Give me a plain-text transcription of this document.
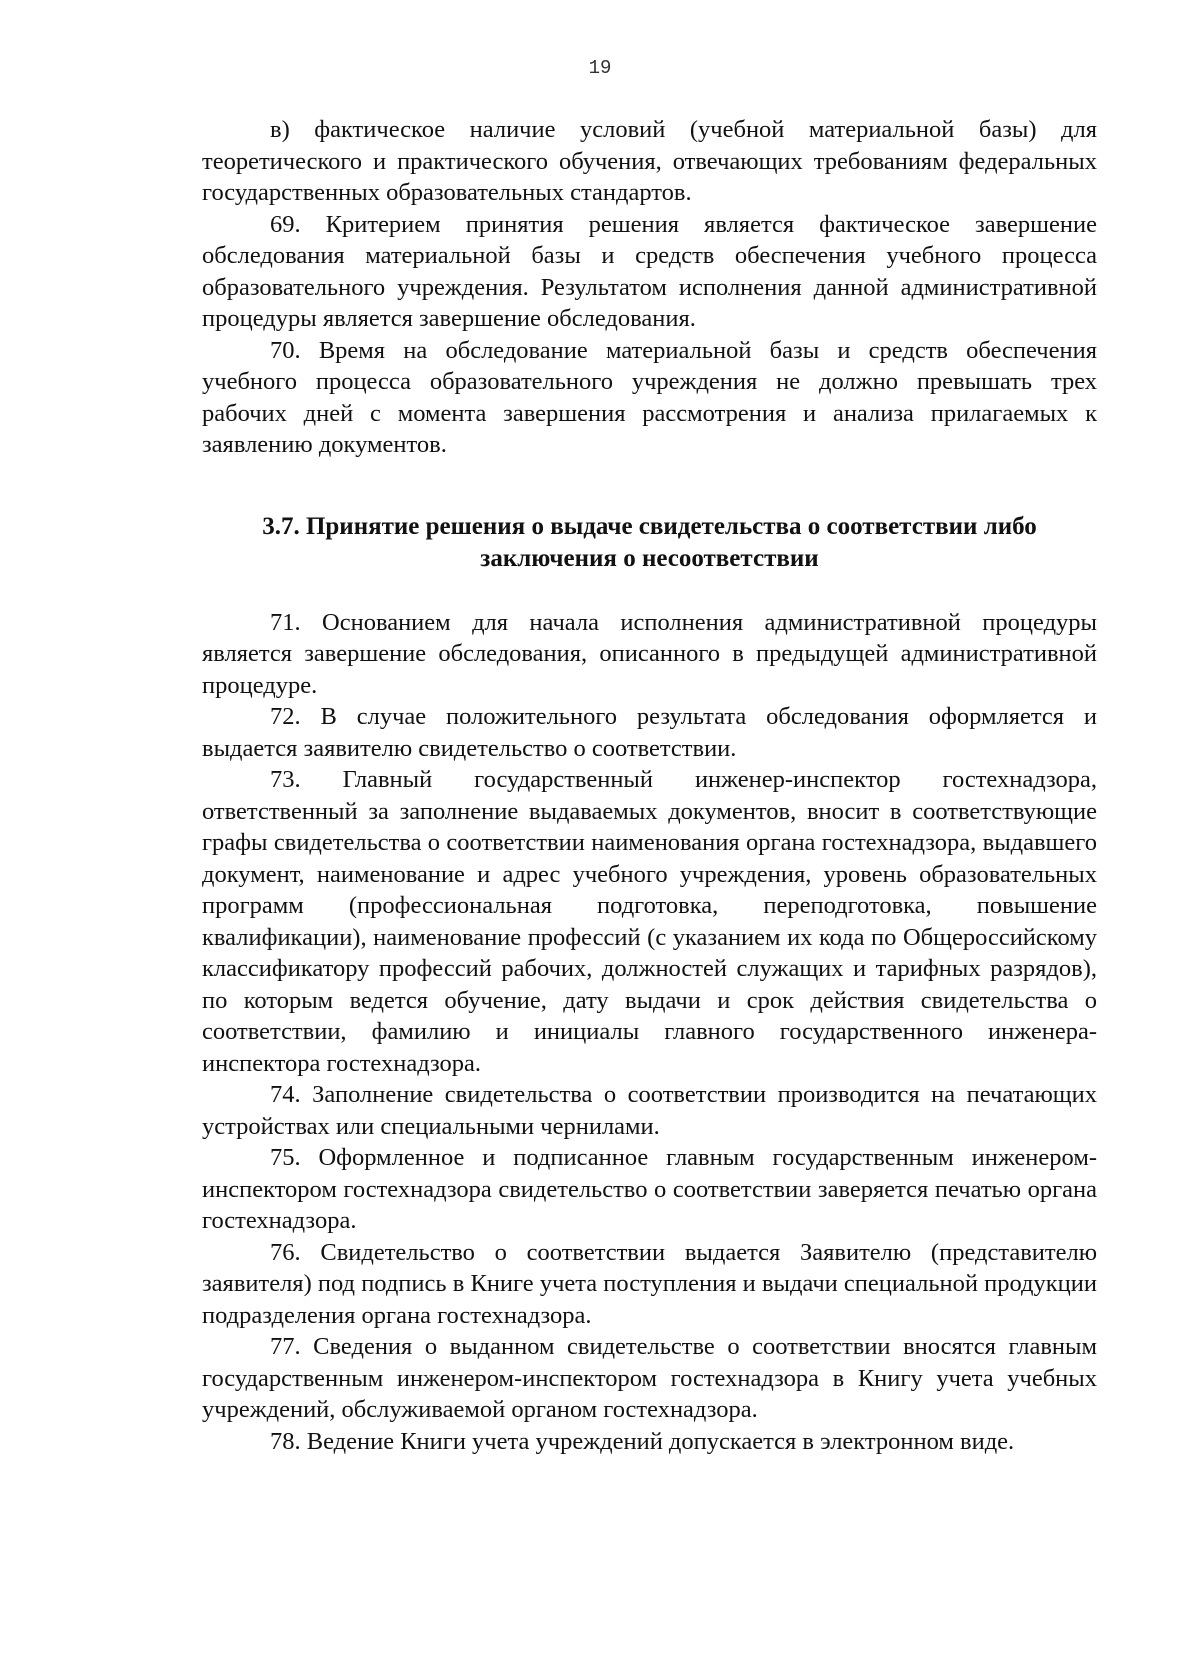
19

в) фактическое наличие условий (учебной материальной базы) для теоретического и практического обучения, отвечающих требованиям федеральных государственных образовательных стандартов.

69. Критерием принятия решения является фактическое завершение обследования материальной базы и средств обеспечения учебного процесса образовательного учреждения. Результатом исполнения данной административной процедуры является завершение обследования.

70. Время на обследование материальной базы и средств обеспечения учебного процесса образовательного учреждения не должно превышать трех рабочих дней с момента завершения рассмотрения и анализа прилагаемых к заявлению документов.

3.7. Принятие решения о выдаче свидетельства о соответствии либо заключения о несоответствии

71. Основанием для начала исполнения административной процедуры является завершение обследования, описанного в предыдущей административной процедуре.

72. В случае положительного результата обследования оформляется и выдается заявителю свидетельство о соответствии.

73. Главный государственный инженер-инспектор гостехнадзора, ответственный за заполнение выдаваемых документов, вносит в соответствующие графы свидетельства о соответствии наименования органа гостехнадзора, выдавшего документ, наименование и адрес учебного учреждения, уровень образовательных программ (профессиональная подготовка, переподготовка, повышение квалификации), наименование профессий (с указанием их кода по Общероссийскому классификатору профессий рабочих, должностей служащих и тарифных разрядов), по которым ведется обучение, дату выдачи и срок действия свидетельства о соответствии, фамилию и инициалы главного государственного инженера-инспектора гостехнадзора.

74. Заполнение свидетельства о соответствии производится на печатающих устройствах или специальными чернилами.

75. Оформленное и подписанное главным государственным инженером-инспектором гостехнадзора свидетельство о соответствии заверяется печатью органа гостехнадзора.

76. Свидетельство о соответствии выдается Заявителю (представителю заявителя) под подпись в Книге учета поступления и выдачи специальной продукции подразделения органа гостехнадзора.

77. Сведения о выданном свидетельстве о соответствии вносятся главным государственным инженером-инспектором гостехнадзора в Книгу учета учебных учреждений, обслуживаемой органом гостехнадзора.

78. Ведение Книги учета учреждений допускается в электронном виде.
